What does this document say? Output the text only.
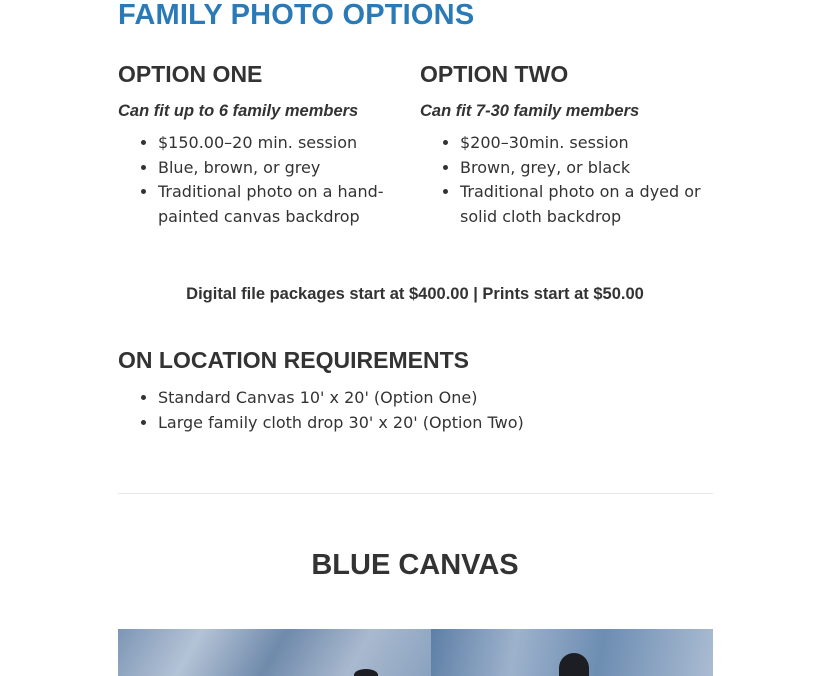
FAMILY PHOTO OPTIONS
OPTION ONE

Can fit up to 6 family members

• $150.00–20 min. session
• Blue, brown, or grey
• Traditional photo on a hand-painted canvas backdrop
OPTION TWO

Can fit 7-30 family members

• $200–30min. session
• Brown, grey, or black
• Traditional photo on a dyed or solid cloth backdrop

Digital file packages start at $400.00 | Prints start at $50.00

ON LOCATION REQUIREMENTS
• Standard Canvas 10' x 20' (Option One)
• Large family cloth drop 30' x 20' (Option Two)
BLUE CANVAS
